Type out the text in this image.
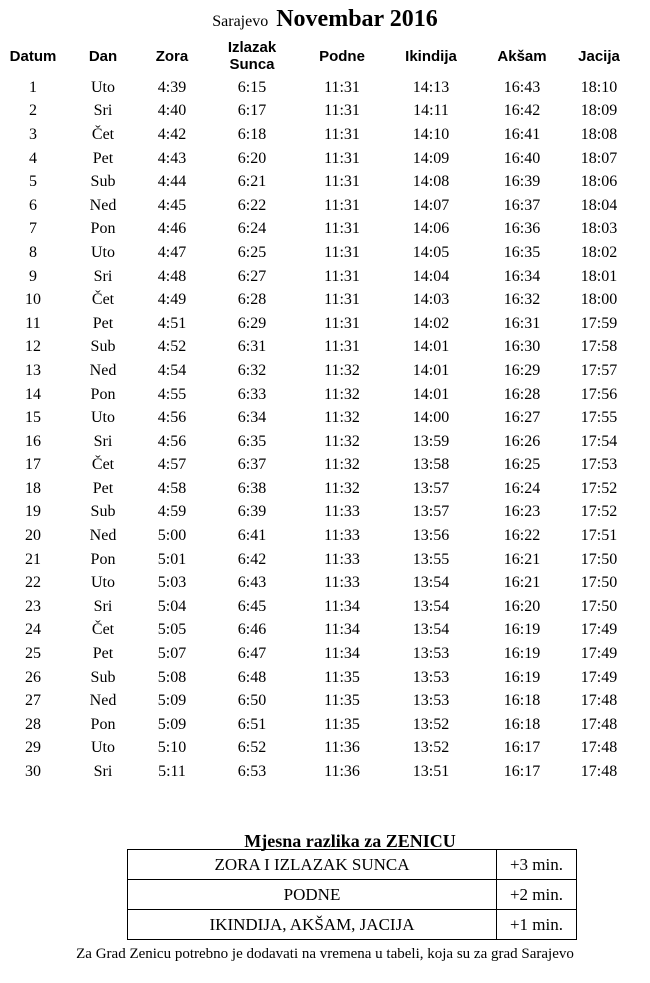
Sarajevo Novembar 2016
Datum	Dan	Zora	Izlazak Sunca	Podne	Ikindija	Akšam	Jacija
1	Uto	4:39	6:15	11:31	14:13	16:43	18:10
2	Sri	4:40	6:17	11:31	14:11	16:42	18:09
3	Čet	4:42	6:18	11:31	14:10	16:41	18:08
4	Pet	4:43	6:20	11:31	14:09	16:40	18:07
5	Sub	4:44	6:21	11:31	14:08	16:39	18:06
6	Ned	4:45	6:22	11:31	14:07	16:37	18:04
7	Pon	4:46	6:24	11:31	14:06	16:36	18:03
8	Uto	4:47	6:25	11:31	14:05	16:35	18:02
9	Sri	4:48	6:27	11:31	14:04	16:34	18:01
10	Čet	4:49	6:28	11:31	14:03	16:32	18:00
11	Pet	4:51	6:29	11:31	14:02	16:31	17:59
12	Sub	4:52	6:31	11:31	14:01	16:30	17:58
13	Ned	4:54	6:32	11:32	14:01	16:29	17:57
14	Pon	4:55	6:33	11:32	14:01	16:28	17:56
15	Uto	4:56	6:34	11:32	14:00	16:27	17:55
16	Sri	4:56	6:35	11:32	13:59	16:26	17:54
17	Čet	4:57	6:37	11:32	13:58	16:25	17:53
18	Pet	4:58	6:38	11:32	13:57	16:24	17:52
19	Sub	4:59	6:39	11:33	13:57	16:23	17:52
20	Ned	5:00	6:41	11:33	13:56	16:22	17:51
21	Pon	5:01	6:42	11:33	13:55	16:21	17:50
22	Uto	5:03	6:43	11:33	13:54	16:21	17:50
23	Sri	5:04	6:45	11:34	13:54	16:20	17:50
24	Čet	5:05	6:46	11:34	13:54	16:19	17:49
25	Pet	5:07	6:47	11:34	13:53	16:19	17:49
26	Sub	5:08	6:48	11:35	13:53	16:19	17:49
27	Ned	5:09	6:50	11:35	13:53	16:18	17:48
28	Pon	5:09	6:51	11:35	13:52	16:18	17:48
29	Uto	5:10	6:52	11:36	13:52	16:17	17:48
30	Sri	5:11	6:53	11:36	13:51	16:17	17:48
Mjesna razlika za ZENICU
ZORA I IZLAZAK SUNCA	+3 min.
PODNE	+2 min.
IKINDIJA, AKŠAM, JACIJA	+1 min.
Za Grad Zenicu potrebno je dodavati na vremena u tabeli, koja su za grad Sarajevo
